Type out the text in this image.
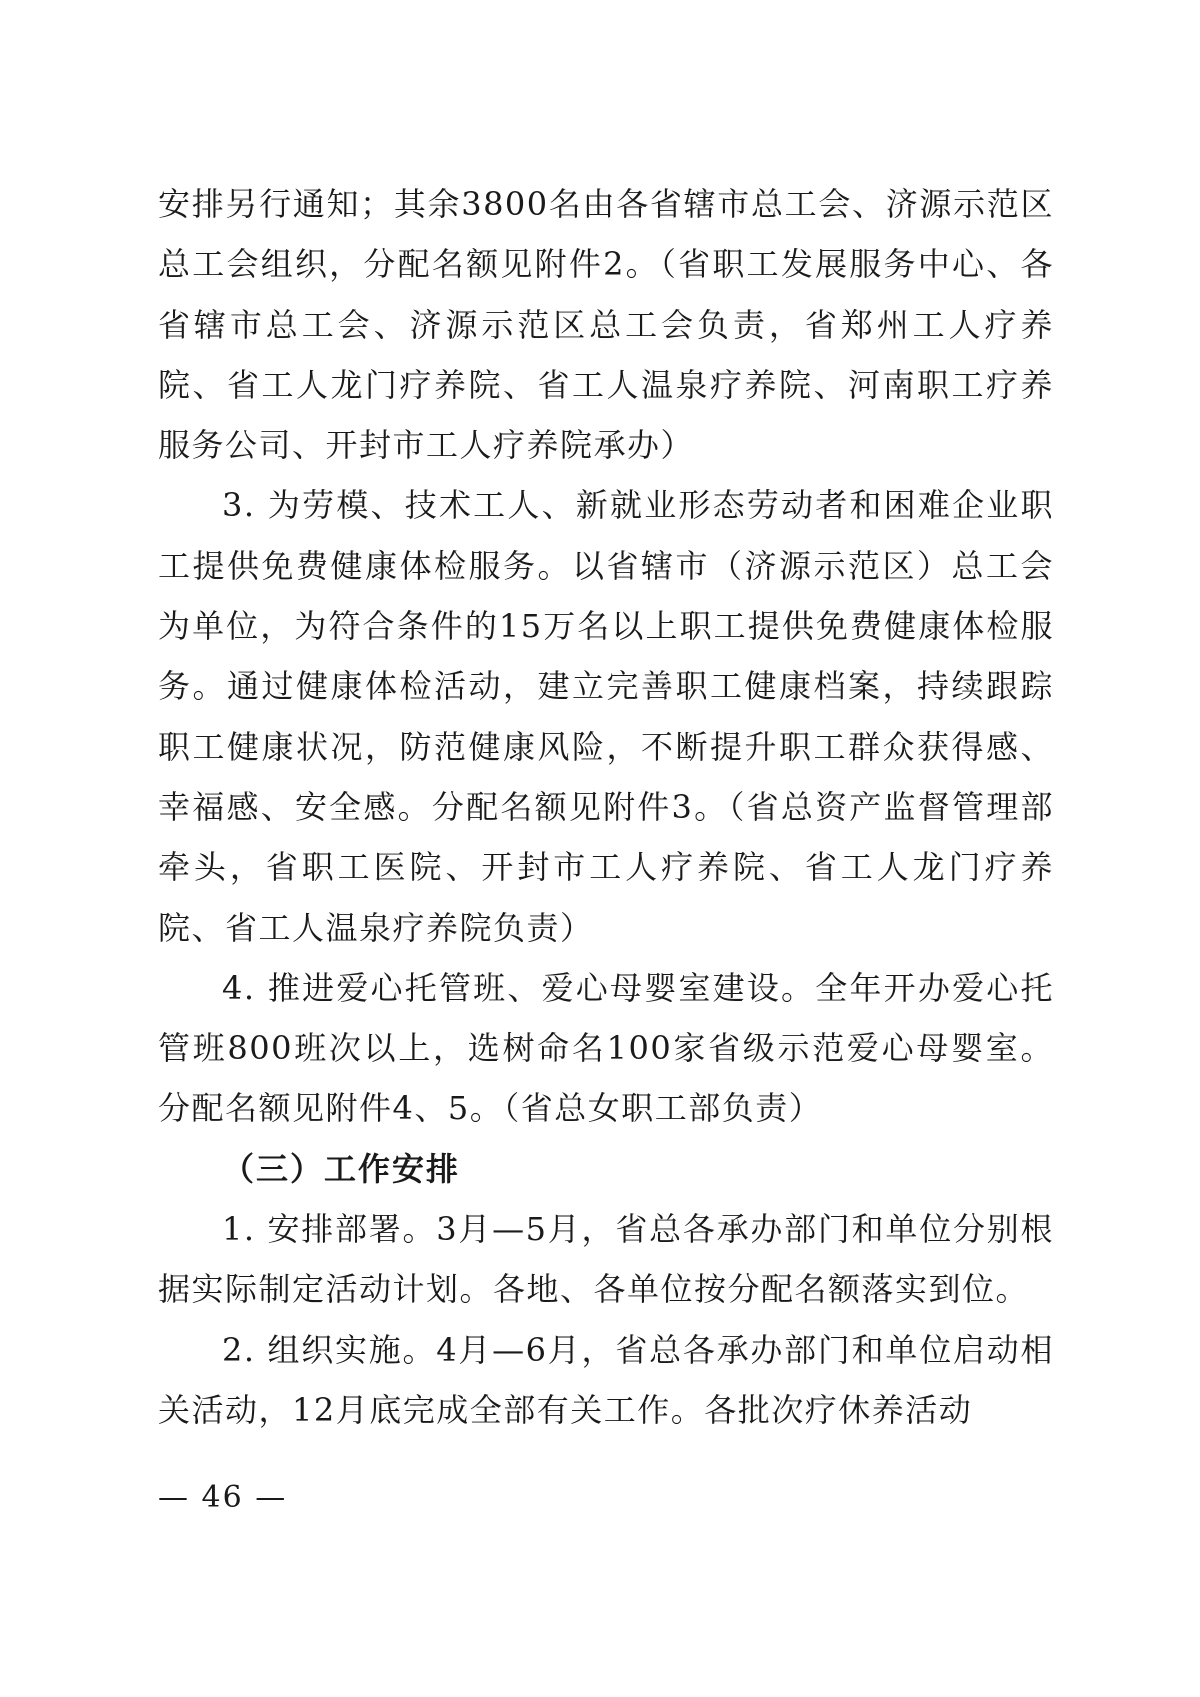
安排另行通知；其余3800名由各省辖市总工会、济源示范区总工会组织，分配名额见附件2。（省职工发展服务中心、各省辖市总工会、济源示范区总工会负责，省郑州工人疗养院、省工人龙门疗养院、省工人温泉疗养院、河南职工疗养服务公司、开封市工人疗养院承办）

3. 为劳模、技术工人、新就业形态劳动者和困难企业职工提供免费健康体检服务。以省辖市（济源示范区）总工会为单位，为符合条件的15万名以上职工提供免费健康体检服务。通过健康体检活动，建立完善职工健康档案，持续跟踪职工健康状况，防范健康风险，不断提升职工群众获得感、幸福感、安全感。分配名额见附件3。（省总资产监督管理部牵头，省职工医院、开封市工人疗养院、省工人龙门疗养院、省工人温泉疗养院负责）

4. 推进爱心托管班、爱心母婴室建设。全年开办爱心托管班800班次以上，选树命名100家省级示范爱心母婴室。分配名额见附件4、5。（省总女职工部负责）

（三）工作安排

1. 安排部署。3月—5月，省总各承办部门和单位分别根据实际制定活动计划。各地、各单位按分配名额落实到位。

2. 组织实施。4月—6月，省总各承办部门和单位启动相关活动，12月底完成全部有关工作。各批次疗休养活动

— 46 —
